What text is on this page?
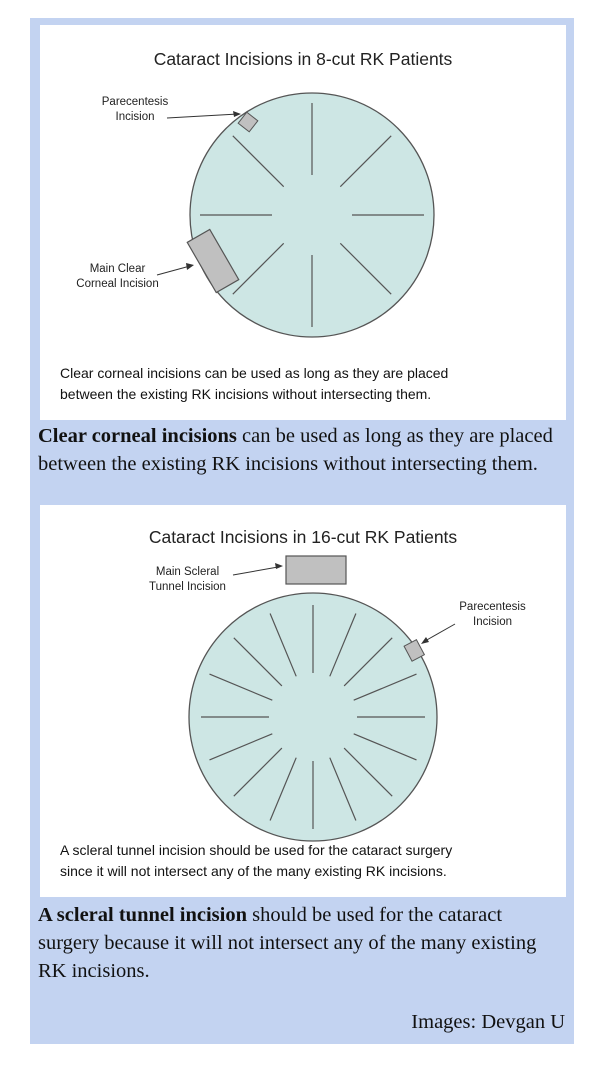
Cataract Incisions in 8-cut RK Patients
Parecentesis
Incision
Main Clear
Corneal Incision
Clear corneal incisions can be used as long as they are placed
between the existing RK incisions without intersecting them.
Clear corneal incisions can be used as long as they are placed between the existing RK incisions without intersecting them.
Cataract Incisions in 16-cut RK Patients
Main Scleral
Tunnel Incision
Parecentesis
Incision
A scleral tunnel incision should be used for the cataract surgery
since it will not intersect any of the many existing RK incisions.
A scleral tunnel incision should be used for the cataract surgery because it will not intersect any of the many existing RK incisions.
Images: Devgan U
